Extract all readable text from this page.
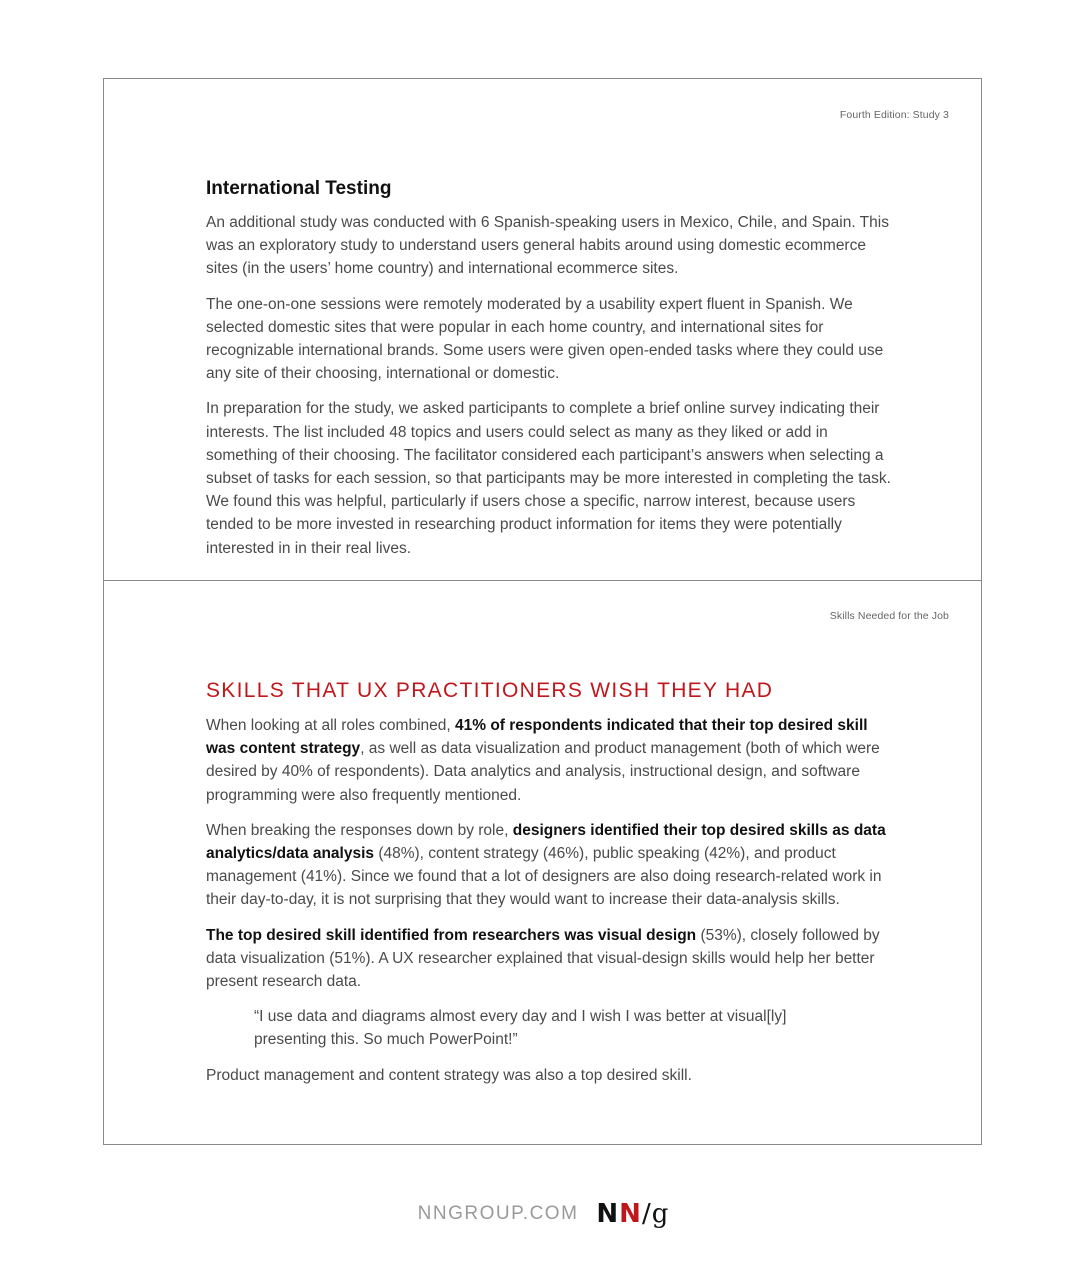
Fourth Edition: Study 3
International Testing

An additional study was conducted with 6 Spanish-speaking users in Mexico, Chile, and Spain. This was an exploratory study to understand users general habits around using domestic ecommerce sites (in the users’ home country) and international ecommerce sites.

The one-on-one sessions were remotely moderated by a usability expert fluent in Spanish. We selected domestic sites that were popular in each home country, and international sites for recognizable international brands. Some users were given open-ended tasks where they could use any site of their choosing, international or domestic.

In preparation for the study, we asked participants to complete a brief online survey indicating their interests. The list included 48 topics and users could select as many as they liked or add in something of their choosing. The facilitator considered each participant’s answers when selecting a subset of tasks for each session, so that participants may be more interested in completing the task. We found this was helpful, particularly if users chose a specific, narrow interest, because users tended to be more invested in researching product information for items they were potentially interested in in their real lives.

Skills Needed for the Job
SKILLS THAT UX PRACTITIONERS WISH THEY HAD

When looking at all roles combined, 41% of respondents indicated that their top desired skill was content strategy, as well as data visualization and product management (both of which were desired by 40% of respondents). Data analytics and analysis, instructional design, and software programming were also frequently mentioned.

When breaking the responses down by role, designers identified their top desired skills as data analytics/data analysis (48%), content strategy (46%), public speaking (42%), and product management (41%). Since we found that a lot of designers are also doing research-related work in their day-to-day, it is not surprising that they would want to increase their data-analysis skills.

The top desired skill identified from researchers was visual design (53%), closely followed by data visualization (51%). A UX researcher explained that visual-design skills would help her better present research data.

“I use data and diagrams almost every day and I wish I was better at visual[ly] presenting this. So much PowerPoint!”

Product management and content strategy was also a top desired skill.

NNGROUP.COM NN/g
